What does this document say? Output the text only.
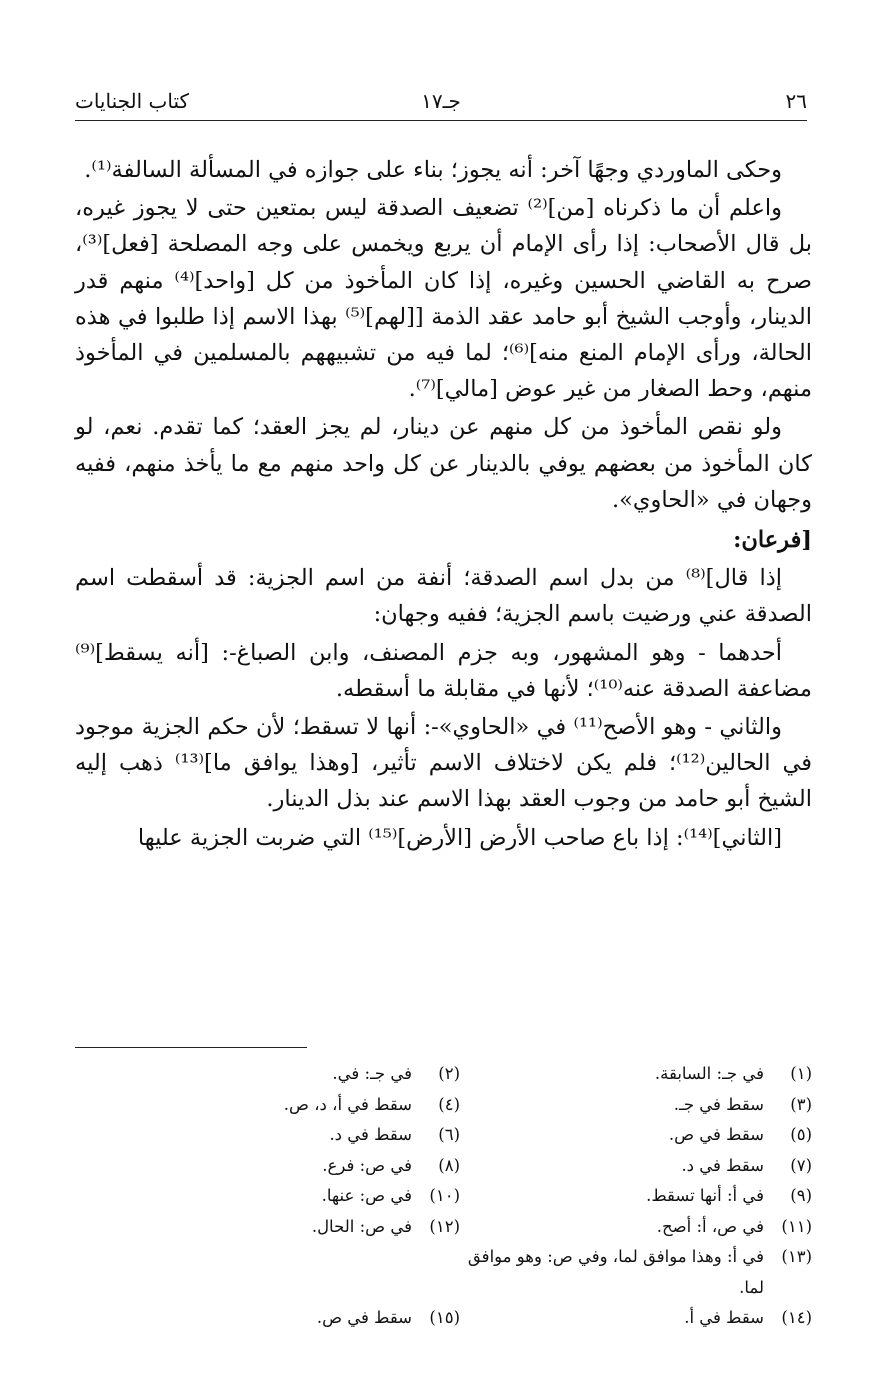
٢٦
جـ١٧
كتاب الجنايات

وحكى الماوردي وجهًا آخر: أنه يجوز؛ بناء على جوازه في المسألة السالفة⁽¹⁾.

واعلم أن ما ذكرناه [من]⁽²⁾ تضعيف الصدقة ليس بمتعين حتى لا يجوز غيره، بل قال الأصحاب: إذا رأى الإمام أن يربع ويخمس على وجه المصلحة [فعل]⁽³⁾، صرح به القاضي الحسين وغيره، إذا كان المأخوذ من كل [واحد]⁽⁴⁾ منهم قدر الدينار، وأوجب الشيخ أبو حامد عقد الذمة [[لهم]⁽⁵⁾ بهذا الاسم إذا طلبوا في هذه الحالة، ورأى الإمام المنع منه]⁽⁶⁾؛ لما فيه من تشبيههم بالمسلمين في المأخوذ منهم، وحط الصغار من غير عوض [مالي]⁽⁷⁾.

ولو نقص المأخوذ من كل منهم عن دينار، لم يجز العقد؛ كما تقدم. نعم، لو كان المأخوذ من بعضهم يوفي بالدينار عن كل واحد منهم مع ما يأخذ منهم، ففيه وجهان في «الحاوي».

[فرعان:

إذا قال]⁽⁸⁾ من بدل اسم الصدقة؛ أنفة من اسم الجزية: قد أسقطت اسم الصدقة عني ورضيت باسم الجزية؛ ففيه وجهان:

أحدهما - وهو المشهور، وبه جزم المصنف، وابن الصباغ-: [أنه يسقط]⁽⁹⁾ مضاعفة الصدقة عنه⁽¹⁰⁾؛ لأنها في مقابلة ما أسقطه.

والثاني - وهو الأصح⁽¹¹⁾ في «الحاوي»-: أنها لا تسقط؛ لأن حكم الجزية موجود في الحالين⁽¹²⁾؛ فلم يكن لاختلاف الاسم تأثير، [وهذا يوافق ما]⁽¹³⁾ ذهب إليه الشيخ أبو حامد من وجوب العقد بهذا الاسم عند بذل الدينار.

[الثاني]⁽¹⁴⁾: إذا باع صاحب الأرض [الأرض]⁽¹⁵⁾ التي ضربت الجزية عليها

(١)
في جـ: السابقة.
(٢)
في جـ: في.
(٣)
سقط في جـ.
(٤)
سقط في أ، د، ص.
(٥)
سقط في ص.
(٦)
سقط في د.
(٧)
سقط في د.
(٨)
في ص: فرع.
(٩)
في أ: أنها تسقط.
(١٠)
في ص: عنها.
(١١)
في ص، أ: أصح.
(١٢)
في ص: الحال.
(١٣)
في أ: وهذا موافق لما، وفي ص: وهو موافق لما.
(١٤)
سقط في أ.
(١٥)
سقط في ص.
